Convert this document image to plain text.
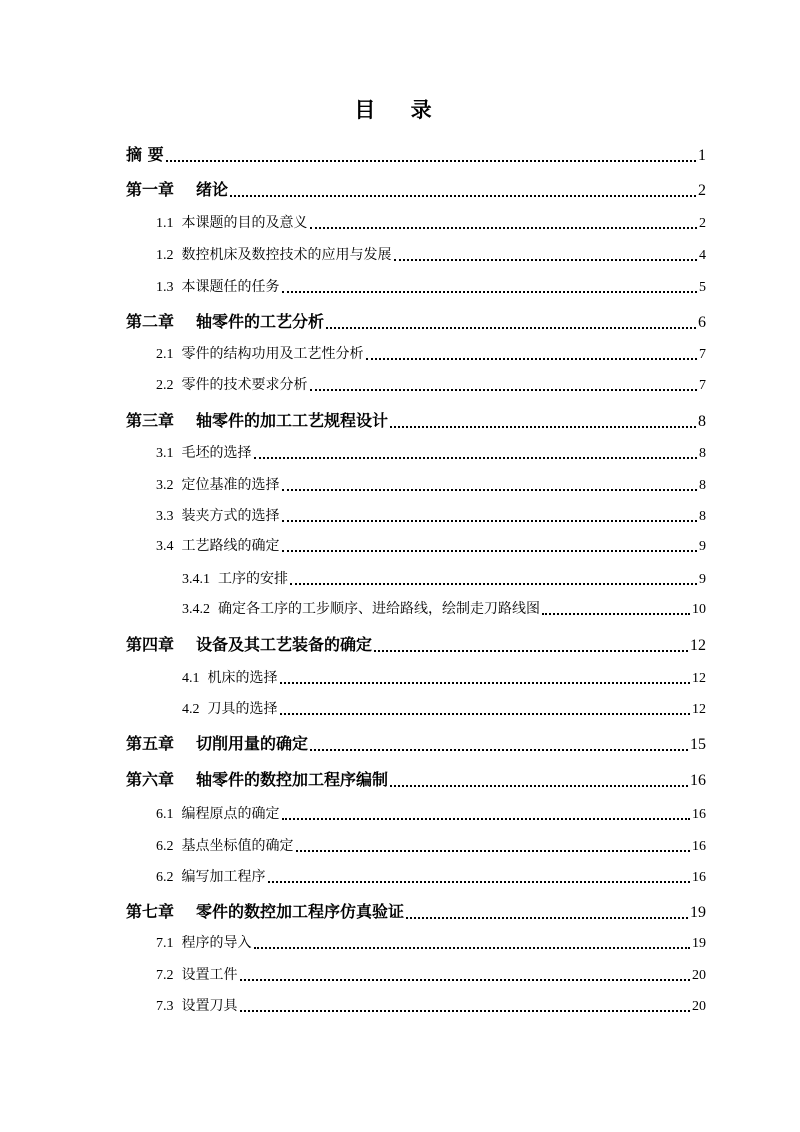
目 录
摘 要	1
第一章 绪论	2
1.1 本课题的目的及意义	2
1.2 数控机床及数控技术的应用与发展	4
1.3 本课题任的任务	5
第二章 轴零件的工艺分析	6
2.1 零件的结构功用及工艺性分析	7
2.2 零件的技术要求分析	7
第三章 轴零件的加工工艺规程设计	8
3.1 毛坯的选择	8
3.2 定位基准的选择	8
3.3 装夹方式的选择	8
3.4 工艺路线的确定	9
3.4.1 工序的安排	9
3.4.2 确定各工序的工步顺序、进给路线，绘制走刀路线图	10
第四章 设备及其工艺装备的确定	12
4.1 机床的选择	12
4.2 刀具的选择	12
第五章 切削用量的确定	15
第六章 轴零件的数控加工程序编制	16
6.1 编程原点的确定	16
6.2 基点坐标值的确定	16
6.2 编写加工程序	16
第七章 零件的数控加工程序仿真验证	19
7.1 程序的导入	19
7.2 设置工件	20
7.3 设置刀具	20
